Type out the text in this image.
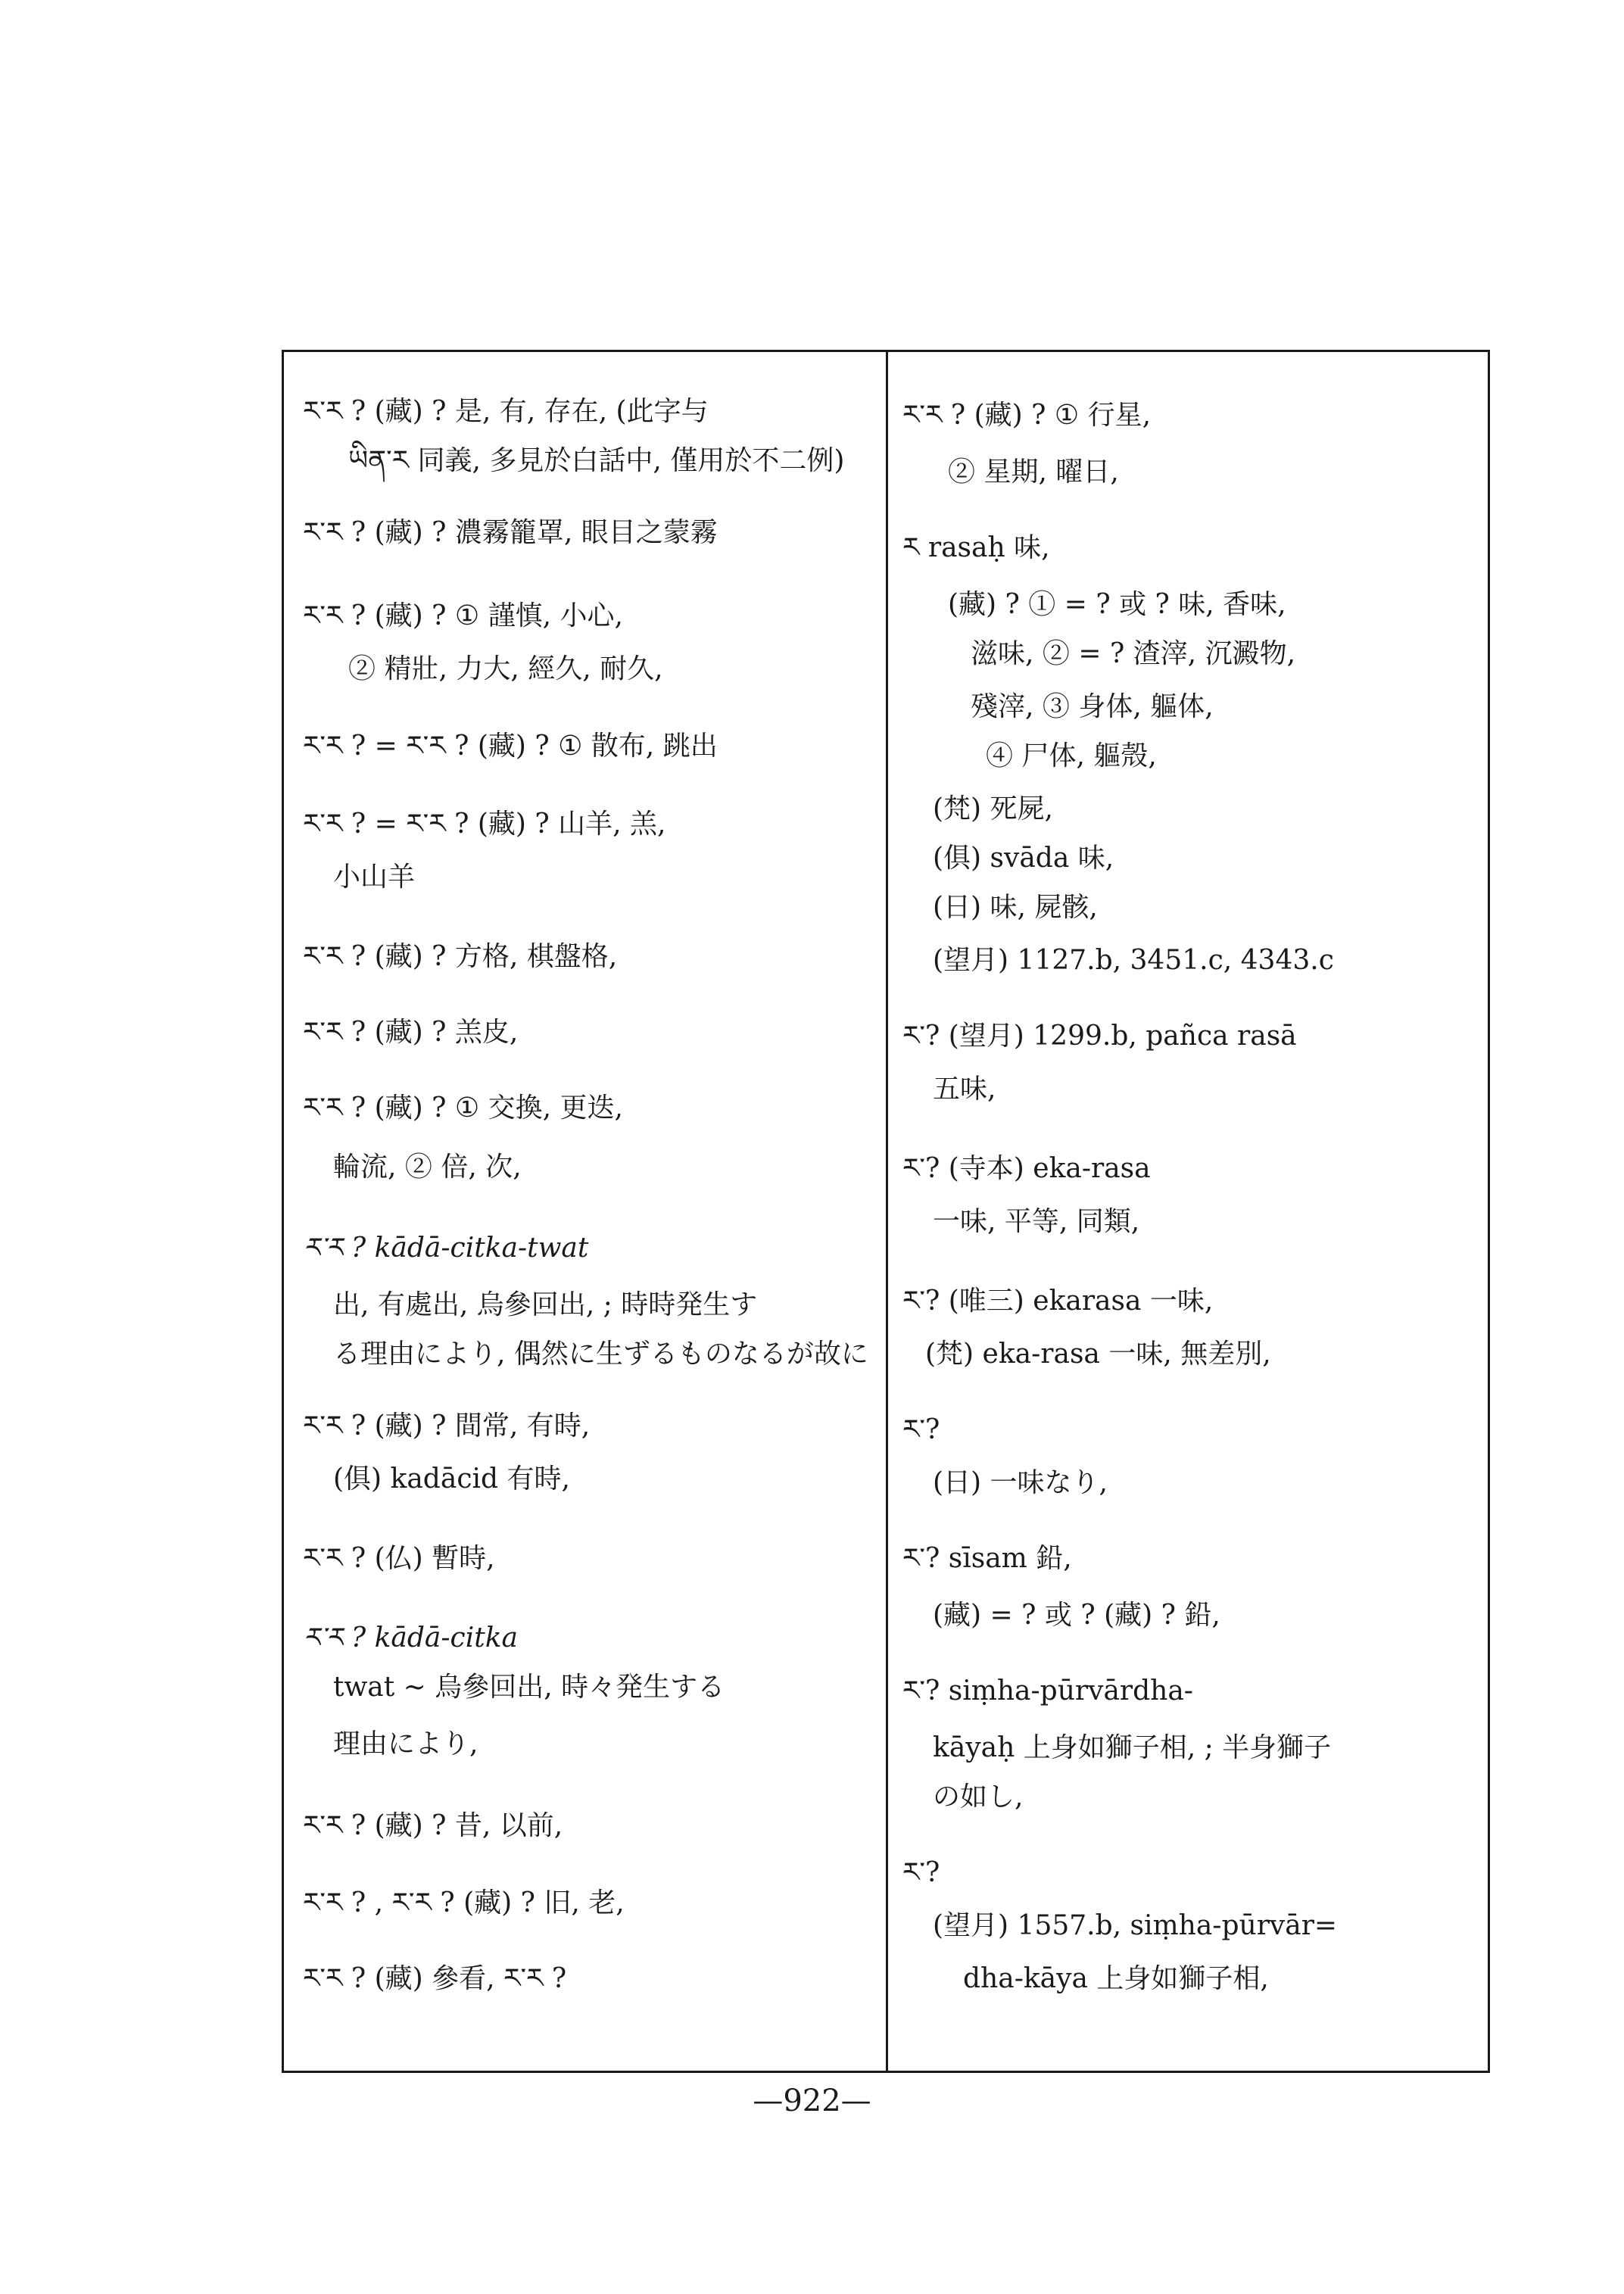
ར་ར ? (藏) ? 是, 有, 存在, (此字与
ཡིན་ར 同義, 多見於白話中, 僅用於不二例)
ར་ར ? (藏) ? 濃霧籠罩, 眼目之蒙霧
ར་ར ? (藏) ? ① 謹慎, 小心,
② 精壯, 力大, 經久, 耐久,
ར་ར ? = ར་ར ? (藏) ? ① 散布, 跳出
ར་ར ? = ར་ར ? (藏) ? 山羊, 羔,
小山羊
ར་ར ? (藏) ? 方格, 棋盤格,
ར་ར ? (藏) ? 羔皮,
ར་ར ? (藏) ? ① 交換, 更迭,
輪流, ② 倍, 次,
ར་ར ? kādā-citka-twat
出, 有處出, 烏參回出, ; 時時発生す
る理由により, 偶然に生ずるものなるが故に
ར་ར ? (藏) ? 間常, 有時,
(俱) kadācid 有時,
ར་ར ? (仏) 暫時,
ར་ར ? kādā-citka
twat ~ 烏參回出, 時々発生する
理由により,
ར་ར ? (藏) ? 昔, 以前,
ར་ར ? , ར་ར ? (藏) ? 旧, 老,
ར་ར ? (藏) 參看, ར་ར ?
ར་ར ? (藏) ? ① 行星,
② 星期, 曜日,
ར rasaḥ 味,
(藏) ? ① = ? 或 ? 味, 香味,
滋味, ② = ? 渣滓, 沉澱物,
殘滓, ③ 身体, 軀体,
④ 尸体, 軀殼,
(梵) 死屍,
(俱) svāda 味,
(日) 味, 屍骸,
(望月) 1127.b, 3451.c, 4343.c
ར་? (望月) 1299.b, pañca rasā
五味,
ར་? (寺本) eka-rasa
一味, 平等, 同類,
ར་? (唯三) ekarasa 一味,
(梵) eka-rasa 一味, 無差別,
ར་?
(日) 一味なり,
ར་? sīsam 鉛,
(藏) = ? 或 ? (藏) ? 鉛,
ར་? siṃha-pūrvārdha-
kāyaḥ 上身如獅子相, ; 半身獅子
の如し,
ར་?
(望月) 1557.b, siṃha-pūrvār=
dha-kāya 上身如獅子相,
—922—
